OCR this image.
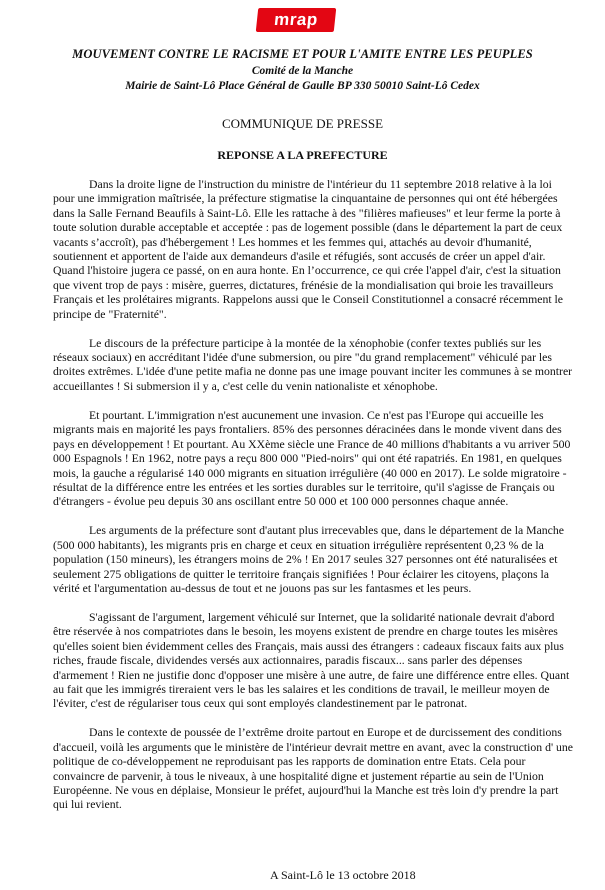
mrap
MOUVEMENT CONTRE LE RACISME ET POUR L'AMITE ENTRE LES PEUPLES
Comité de la Manche
Mairie de Saint-Lô Place Général de Gaulle BP 330 50010 Saint-Lô Cedex
COMMUNIQUE DE PRESSE
REPONSE A LA PREFECTURE

Dans la droite ligne de l'instruction du ministre de l'intérieur du 11 septembre 2018 relative à la loi pour une immigration maîtrisée, la préfecture stigmatise la cinquantaine de personnes qui ont été hébergées dans la Salle Fernand Beaufils à Saint-Lô. Elle les rattache à des "filières mafieuses" et leur ferme la porte à toute solution durable acceptable et acceptée : pas de logement possible (dans le département la part de ceux vacants s’accroît), pas d'hébergement ! Les hommes et les femmes qui, attachés au devoir d'humanité, soutiennent et apportent de l'aide aux demandeurs d'asile et réfugiés, sont accusés de créer un appel d'air. Quand l'histoire jugera ce passé, on en aura honte. En l’occurrence, ce qui crée l'appel d'air, c'est la situation que vivent trop de pays : misère, guerres, dictatures, frénésie de la mondialisation qui broie les travailleurs Français et les prolétaires migrants. Rappelons aussi que le Conseil Constitutionnel a consacré récemment le principe de "Fraternité".

Le discours de la préfecture participe à la montée de la xénophobie (confer textes publiés sur les réseaux sociaux) en accréditant l'idée d'une submersion, ou pire "du grand remplacement" véhiculé par les droites extrêmes. L'idée d'une petite mafia ne donne pas une image pouvant inciter les communes à se montrer accueillantes ! Si submersion il y a, c'est celle du venin nationaliste et xénophobe.

Et pourtant. L'immigration n'est aucunement une invasion. Ce n'est pas l'Europe qui accueille les migrants mais en majorité les pays frontaliers. 85% des personnes déracinées dans le monde vivent dans des pays en développement ! Et pourtant. Au XXème siècle une France de 40 millions d'habitants a vu arriver 500 000 Espagnols ! En 1962, notre pays a reçu 800 000 "Pied-noirs" qui ont été rapatriés. En 1981, en quelques mois, la gauche a régularisé 140 000 migrants en situation irrégulière (40 000 en 2017). Le solde migratoire - résultat de la différence entre les entrées et les sorties durables sur le territoire, qu'il s'agisse de Français ou d'étrangers - évolue peu depuis 30 ans oscillant entre 50 000 et 100 000 personnes chaque année.

Les arguments de la préfecture sont d'autant plus irrecevables que, dans le département de la Manche (500 000 habitants), les migrants pris en charge et ceux en situation irrégulière représentent 0,23 % de la population (150 mineurs), les étrangers moins de 2% ! En 2017 seules 327 personnes ont été naturalisées et seulement 275 obligations de quitter le territoire français signifiées ! Pour éclairer les citoyens, plaçons la vérité et l'argumentation au-dessus de tout et ne jouons pas sur les fantasmes et les peurs.

S'agissant de l'argument, largement véhiculé sur Internet, que la solidarité nationale devrait d'abord être réservée à nos compatriotes dans le besoin, les moyens existent de prendre en charge toutes les misères qu'elles soient bien évidemment celles des Français, mais aussi des étrangers : cadeaux fiscaux faits aux plus riches, fraude fiscale, dividendes versés aux actionnaires, paradis fiscaux... sans parler des dépenses d'armement ! Rien ne justifie donc d'opposer une misère à une autre, de faire une différence entre elles. Quant au fait que les immigrés tireraient vers le bas les salaires et les conditions de travail, le meilleur moyen de l'éviter, c'est de régulariser tous ceux qui sont employés clandestinement par le patronat.

Dans le contexte de poussée de l’extrême droite partout en Europe et de durcissement des conditions d'accueil, voilà les arguments que le ministère de l'intérieur devrait mettre en avant, avec la construction d' une politique de co-développement ne reproduisant pas les rapports de domination entre Etats. Cela pour convaincre de parvenir, à tous le niveaux, à une hospitalité digne et justement répartie au sein de l'Union Européenne. Ne vous en déplaise, Monsieur le préfet, aujourd'hui la Manche est très loin d'y prendre la part qui lui revient.

A Saint-Lô le 13 octobre 2018
